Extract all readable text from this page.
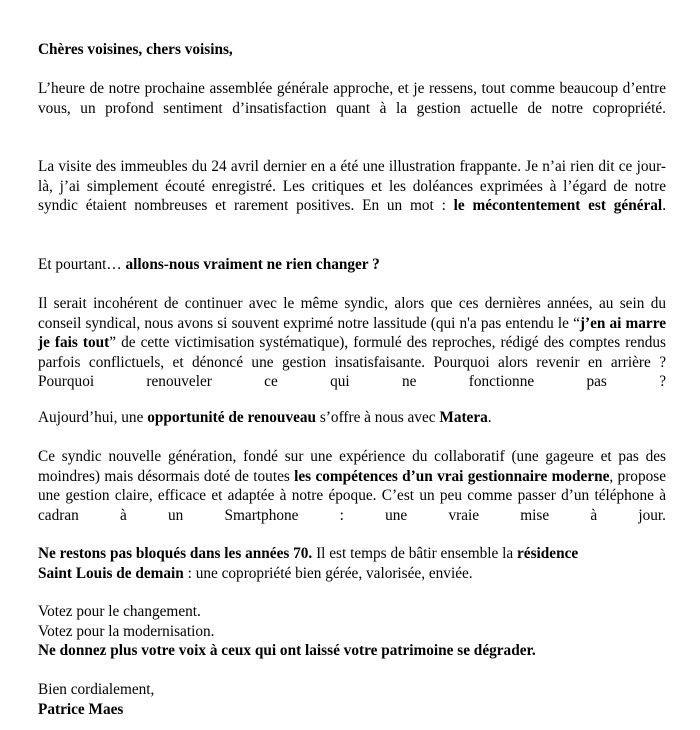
Chères voisines, chers voisins,

L’heure de notre prochaine assemblée générale approche, et je ressens, tout comme beaucoup d’entre vous, un profond sentiment d’insatisfaction quant à la gestion actuelle de notre copropriété.

La visite des immeubles du 24 avril dernier en a été une illustration frappante. Je n’ai rien dit ce jour-là, j’ai simplement écouté enregistré. Les critiques et les doléances exprimées à l’égard de notre syndic étaient nombreuses et rarement positives. En un mot : le mécontentement est général.

Et pourtant… allons-nous vraiment ne rien changer ?

Il serait incohérent de continuer avec le même syndic, alors que ces dernières années, au sein du conseil syndical, nous avons si souvent exprimé notre lassitude (qui n'a pas entendu le “j’en ai marre je fais tout” de cette victimisation systématique), formulé des reproches, rédigé des comptes rendus parfois conflictuels, et dénoncé une gestion insatisfaisante. Pourquoi alors revenir en arrière ? Pourquoi renouveler ce qui ne fonctionne pas ?

Aujourd’hui, une opportunité de renouveau s’offre à nous avec Matera.

Ce syndic nouvelle génération, fondé sur une expérience du collaboratif (une gageure et pas des moindres) mais désormais doté de toutes les compétences d’un vrai gestionnaire moderne, propose une gestion claire, efficace et adaptée à notre époque. C’est un peu comme passer d’un téléphone à cadran à un Smartphone : une vraie mise à jour.

Ne restons pas bloqués dans les années 70. Il est temps de bâtir ensemble la résidence
Saint Louis de demain : une copropriété bien gérée, valorisée, enviée.

Votez pour le changement.
Votez pour la modernisation.
Ne donnez plus votre voix à ceux qui ont laissé votre patrimoine se dégrader.

Bien cordialement,
Patrice Maes
